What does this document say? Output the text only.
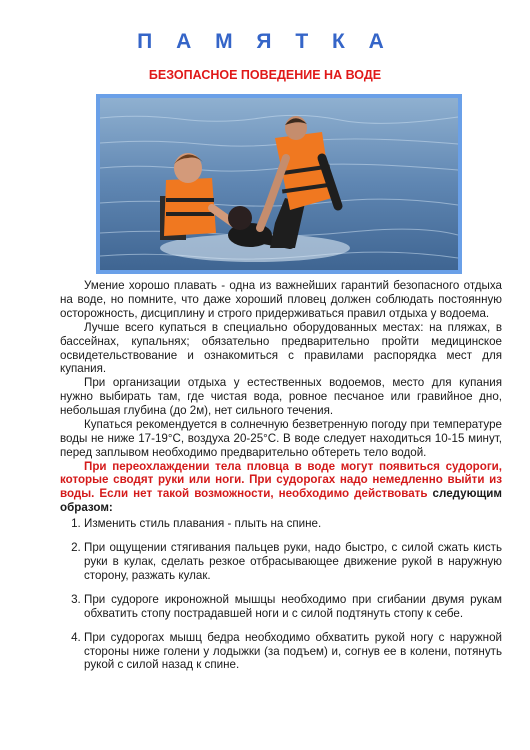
П А М Я Т К А
БЕЗОПАСНОЕ ПОВЕДЕНИЕ НА ВОДЕ

Умение хорошо плавать - одна из важнейших гарантий безопасного отдыха на воде, но помните, что даже хороший пловец должен соблюдать постоянную осторожность, дисциплину и строго придерживаться правил отдыха у водоема.

Лучше всего купаться в специально оборудованных местах: на пляжах, в бассейнах, купальнях; обязательно предварительно пройти медицинское освидетельствование и ознакомиться с правилами распорядка мест для купания.

При организации отдыха у естественных водоемов, место для купания нужно выбирать там, где чистая вода, ровное песчаное или гравийное дно, небольшая глубина (до 2м), нет сильного течения.

Купаться рекомендуется в солнечную безветренную погоду при температуре воды не ниже 17-19°С, воздуха 20-25°С. В воде следует находиться 10-15 минут, перед заплывом необходимо предварительно обтереть тело водой.

При переохлаждении тела пловца в воде могут появиться судороги, которые сводят руки или ноги. При судорогах надо немедленно выйти из воды. Если нет такой возможности, необходимо действовать следующим образом:

1. Изменить стиль плавания - плыть на спине.
2. При ощущении стягивания пальцев руки, надо быстро, с силой сжать кисть руки в кулак, сделать резкое отбрасывающее движение рукой в наружную сторону, разжать кулак.
3. При судороге икроножной мышцы необходимо при сгибании двумя рукам обхватить стопу пострадавшей ноги и с силой подтянуть стопу к себе.
4. При судорогах мышц бедра необходимо обхватить рукой ногу с наружной стороны ниже голени у лодыжки (за подъем) и, согнув ее в колени, потянуть рукой с силой назад к спине.
